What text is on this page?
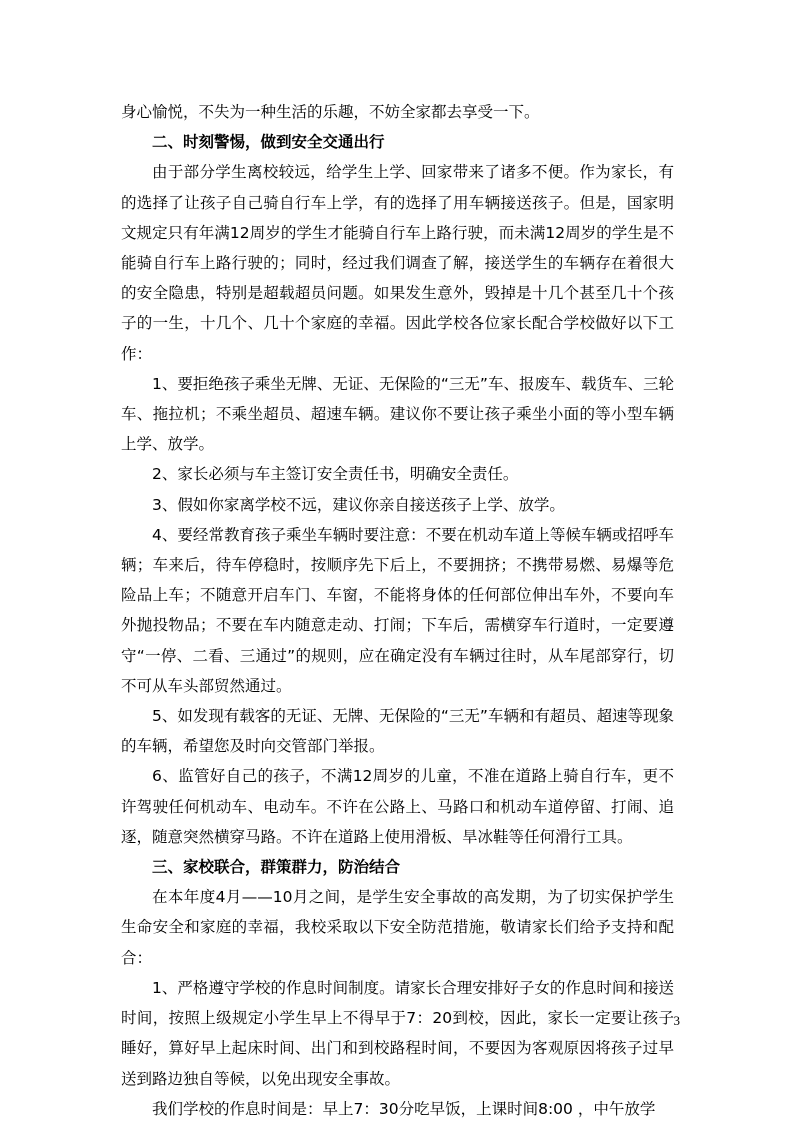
身心愉悦，不失为一种生活的乐趣，不妨全家都去享受一下。

二、时刻警惕，做到安全交通出行

由于部分学生离校较远，给学生上学、回家带来了诸多不便。作为家长，有的选择了让孩子自己骑自行车上学，有的选择了用车辆接送孩子。但是，国家明文规定只有年满12周岁的学生才能骑自行车上路行驶，而未满12周岁的学生是不能骑自行车上路行驶的；同时，经过我们调查了解，接送学生的车辆存在着很大的安全隐患，特别是超载超员问题。如果发生意外，毁掉是十几个甚至几十个孩子的一生，十几个、几十个家庭的幸福。因此学校各位家长配合学校做好以下工作：

1、要拒绝孩子乘坐无牌、无证、无保险的“三无”车、报废车、载货车、三轮车、拖拉机；不乘坐超员、超速车辆。建议你不要让孩子乘坐小面的等小型车辆上学、放学。

2、家长必须与车主签订安全责任书，明确安全责任。

3、假如你家离学校不远，建议你亲自接送孩子上学、放学。

4、要经常教育孩子乘坐车辆时要注意：不要在机动车道上等候车辆或招呼车辆；车来后，待车停稳时，按顺序先下后上，不要拥挤；不携带易燃、易爆等危险品上车；不随意开启车门、车窗，不能将身体的任何部位伸出车外，不要向车外抛投物品；不要在车内随意走动、打闹；下车后，需横穿车行道时，一定要遵守“一停、二看、三通过”的规则，应在确定没有车辆过往时，从车尾部穿行，切不可从车头部贸然通过。

5、如发现有载客的无证、无牌、无保险的“三无”车辆和有超员、超速等现象的车辆，希望您及时向交管部门举报。

6、监管好自己的孩子，不满12周岁的儿童，不准在道路上骑自行车，更不许驾驶任何机动车、电动车。不许在公路上、马路口和机动车道停留、打闹、追逐，随意突然横穿马路。不许在道路上使用滑板、旱冰鞋等任何滑行工具。

三、家校联合，群策群力，防治结合

在本年度4月——10月之间，是学生安全事故的高发期，为了切实保护学生生命安全和家庭的幸福，我校采取以下安全防范措施，敬请家长们给予支持和配合：

1、严格遵守学校的作息时间制度。请家长合理安排好子女的作息时间和接送时间，按照上级规定小学生早上不得早于7：20到校，因此，家长一定要让孩子睡好，算好早上起床时间、出门和到校路程时间，不要因为客观原因将孩子过早送到路边独自等候，以免出现安全事故。

我们学校的作息时间是：早上7：30分吃早饭，上课时间8:00 ，中午放学

3
